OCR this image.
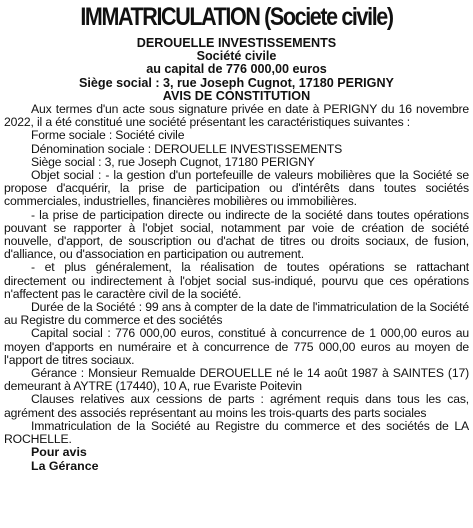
IMMATRICULATION (Societe civile)
DEROUELLE INVESTISSEMENTS
Société civile
au capital de 776 000,00 euros
Siège social : 3, rue Joseph Cugnot, 17180 PERIGNY
AVIS DE CONSTITUTION

Aux termes d'un acte sous signature privée en date à PERIGNY du 16 novembre 2022, il a été constitué une société présentant les caractéristiques suivantes :

Forme sociale : Société civile

Dénomination sociale : DEROUELLE INVESTISSEMENTS

Siège social : 3, rue Joseph Cugnot, 17180 PERIGNY

Objet social : - la gestion d'un portefeuille de valeurs mobilières que la Société se propose d'acquérir, la prise de participation ou d'intérêts dans toutes sociétés commerciales, industrielles, financières mobilières ou immobilières.

- la prise de participation directe ou indirecte de la société dans toutes opérations pouvant se rapporter à l'objet social, notamment par voie de création de société nouvelle, d'apport, de souscription ou d'achat de titres ou droits sociaux, de fusion, d'alliance, ou d'association en participation ou autrement.

- et plus généralement, la réalisation de toutes opérations se rattachant directement ou indirectement à l'objet social sus-indiqué, pourvu que ces opérations n'affectent pas le caractère civil de la société.

Durée de la Société : 99 ans à compter de la date de l'immatriculation de la Société au Registre du commerce et des sociétés

Capital social : 776 000,00 euros, constitué à concurrence de 1 000,00 euros au moyen d'apports en numéraire et à concurrence de 775 000,00 euros au moyen de l'apport de titres sociaux.

Gérance : Monsieur Remualde DEROUELLE né le 14 août 1987 à SAINTES (17) demeurant à AYTRE (17440), 10 A, rue Evariste Poitevin

Clauses relatives aux cessions de parts : agrément requis dans tous les cas, agrément des associés représentant au moins les trois-quarts des parts sociales

Immatriculation de la Société au Registre du commerce et des sociétés de LA ROCHELLE.

Pour avis
La Gérance
